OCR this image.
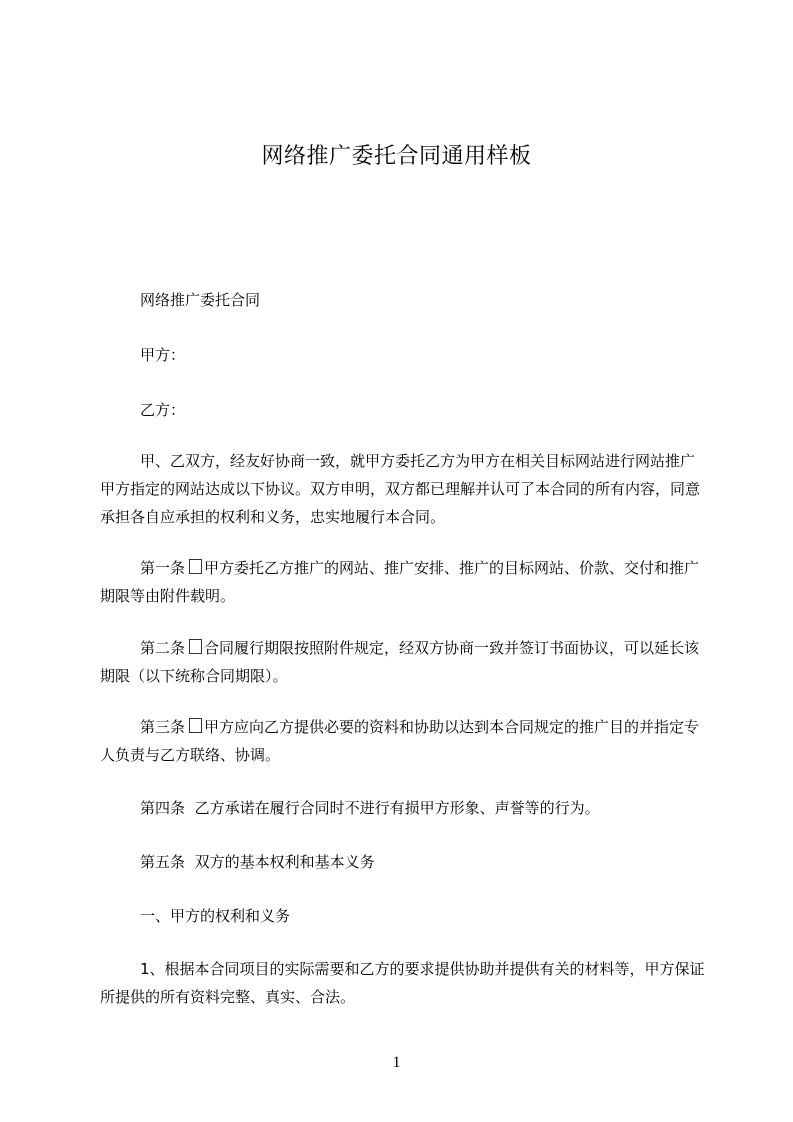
网络推广委托合同通用样板

网络推广委托合同

甲方：

乙方：

甲、乙双方，经友好协商一致，就甲方委托乙方为甲方在相关目标网站进行网站推广甲方指定的网站达成以下协议。双方申明，双方都已理解并认可了本合同的所有内容，同意承担各自应承担的权利和义务，忠实地履行本合同。

第一条 甲方委托乙方推广的网站、推广安排、推广的目标网站、价款、交付和推广期限等由附件载明。

第二条 合同履行期限按照附件规定，经双方协商一致并签订书面协议，可以延长该期限（以下统称合同期限）。

第三条 甲方应向乙方提供必要的资料和协助以达到本合同规定的推广目的并指定专人负责与乙方联络、协调。

第四条 乙方承诺在履行合同时不进行有损甲方形象、声誉等的行为。

第五条 双方的基本权利和基本义务

一、甲方的权利和义务

1、根据本合同项目的实际需要和乙方的要求提供协助并提供有关的材料等，甲方保证所提供的所有资料完整、真实、合法。

1
